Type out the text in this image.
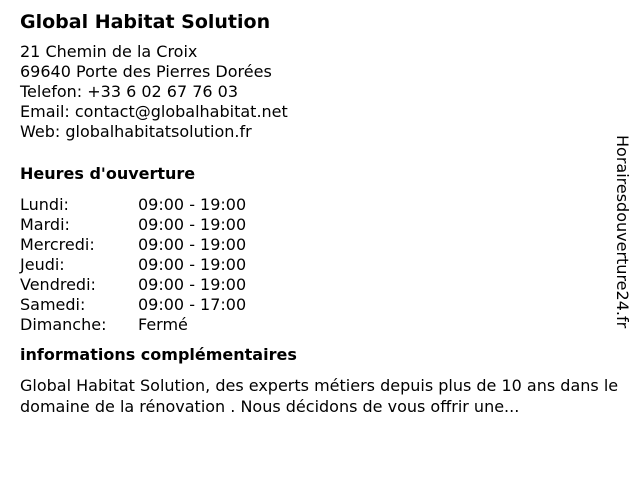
Global Habitat Solution
21 Chemin de la Croix
69640 Porte des Pierres Dorées
Telefon: +33 6 02 67 76 03
Email: contact@globalhabitat.net
Web: globalhabitatsolution.fr
Heures d'ouverture
Lundi:	09:00 - 19:00
Mardi:	09:00 - 19:00
Mercredi:	09:00 - 19:00
Jeudi:	09:00 - 19:00
Vendredi:	09:00 - 19:00
Samedi:	09:00 - 17:00
Dimanche:	Fermé
informations complémentaires
Global Habitat Solution, des experts métiers depuis plus de 10 ans dans le domaine de la rénovation . Nous décidons de vous offrir une...
Horairesdouverture24.fr
